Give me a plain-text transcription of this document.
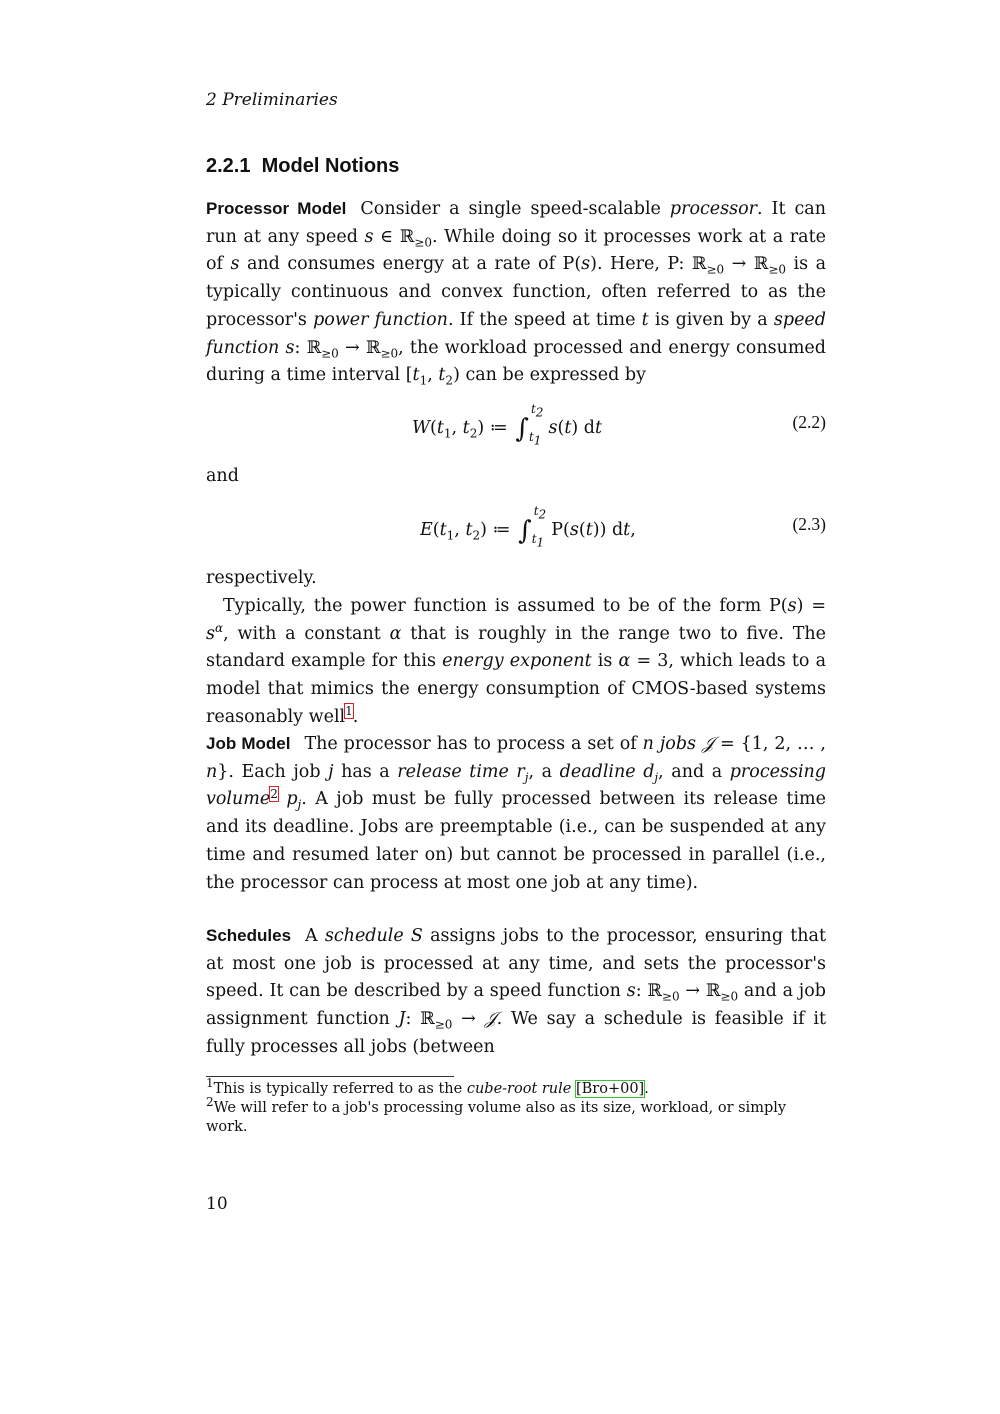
2 Preliminaries
2.2.1 Model Notions
Processor Model Consider a single speed-scalable processor. It can run at any speed s ∈ ℝ$_{\ge 0}$. While doing so it processes work at a rate of s and consumes energy at a rate of P(s). Here, P: ℝ$_{\ge 0}$ → ℝ$_{\ge 0}$ is a typically continuous and convex function, often referred to as the processor's power function. If the speed at time t is given by a speed function s: ℝ$_{\ge 0}$ → ℝ$_{\ge 0}$, the workload processed and energy consumed during a time interval [$t_1$, $t_2$) can be expressed by
$W(t_1$, $t_2$) ≔ ∫
$t_2$
$t_1$
s(t) dt	(2.2)
and
$E(t_1$, $t_2$) ≔ ∫
$t_2$
$t_1$
P(s(t)) dt,	(2.3)
respectively.
Typically, the power function is assumed to be of the form $P(s) = s^\alpha$, with a constant α that is roughly in the range two to five. The standard example for this energy exponent is α = 3, which leads to a model that mimics the energy consumption of CMOS-based systems reasonably well$^1$.
Job Model The processor has to process a set of n jobs 𝒥 = {1, 2, … , n}. Each job j has a release time $r_j$, a deadline $d_j$, and a processing volume$^2$ $p_j$. A job must be fully processed between its release time and its deadline. Jobs are preemptable (i.e., can be suspended at any time and resumed later on) but cannot be processed in parallel (i.e., the processor can process at most one job at any time).
Schedules A schedule S assigns jobs to the processor, ensuring that at most one job is processed at any time, and sets the processor's speed. It can be described by a speed function s: ℝ$_{\ge 0}$ → ℝ$_{\ge 0}$ and a job assignment function J: ℝ$_{\ge 0}$ → 𝒥. We say a schedule is feasible if it fully processes all jobs (between
$^1$This is typically referred to as the cube-root rule [Bro+00].
$^2$We will refer to a job's processing volume also as its size, workload, or simply work.
10
